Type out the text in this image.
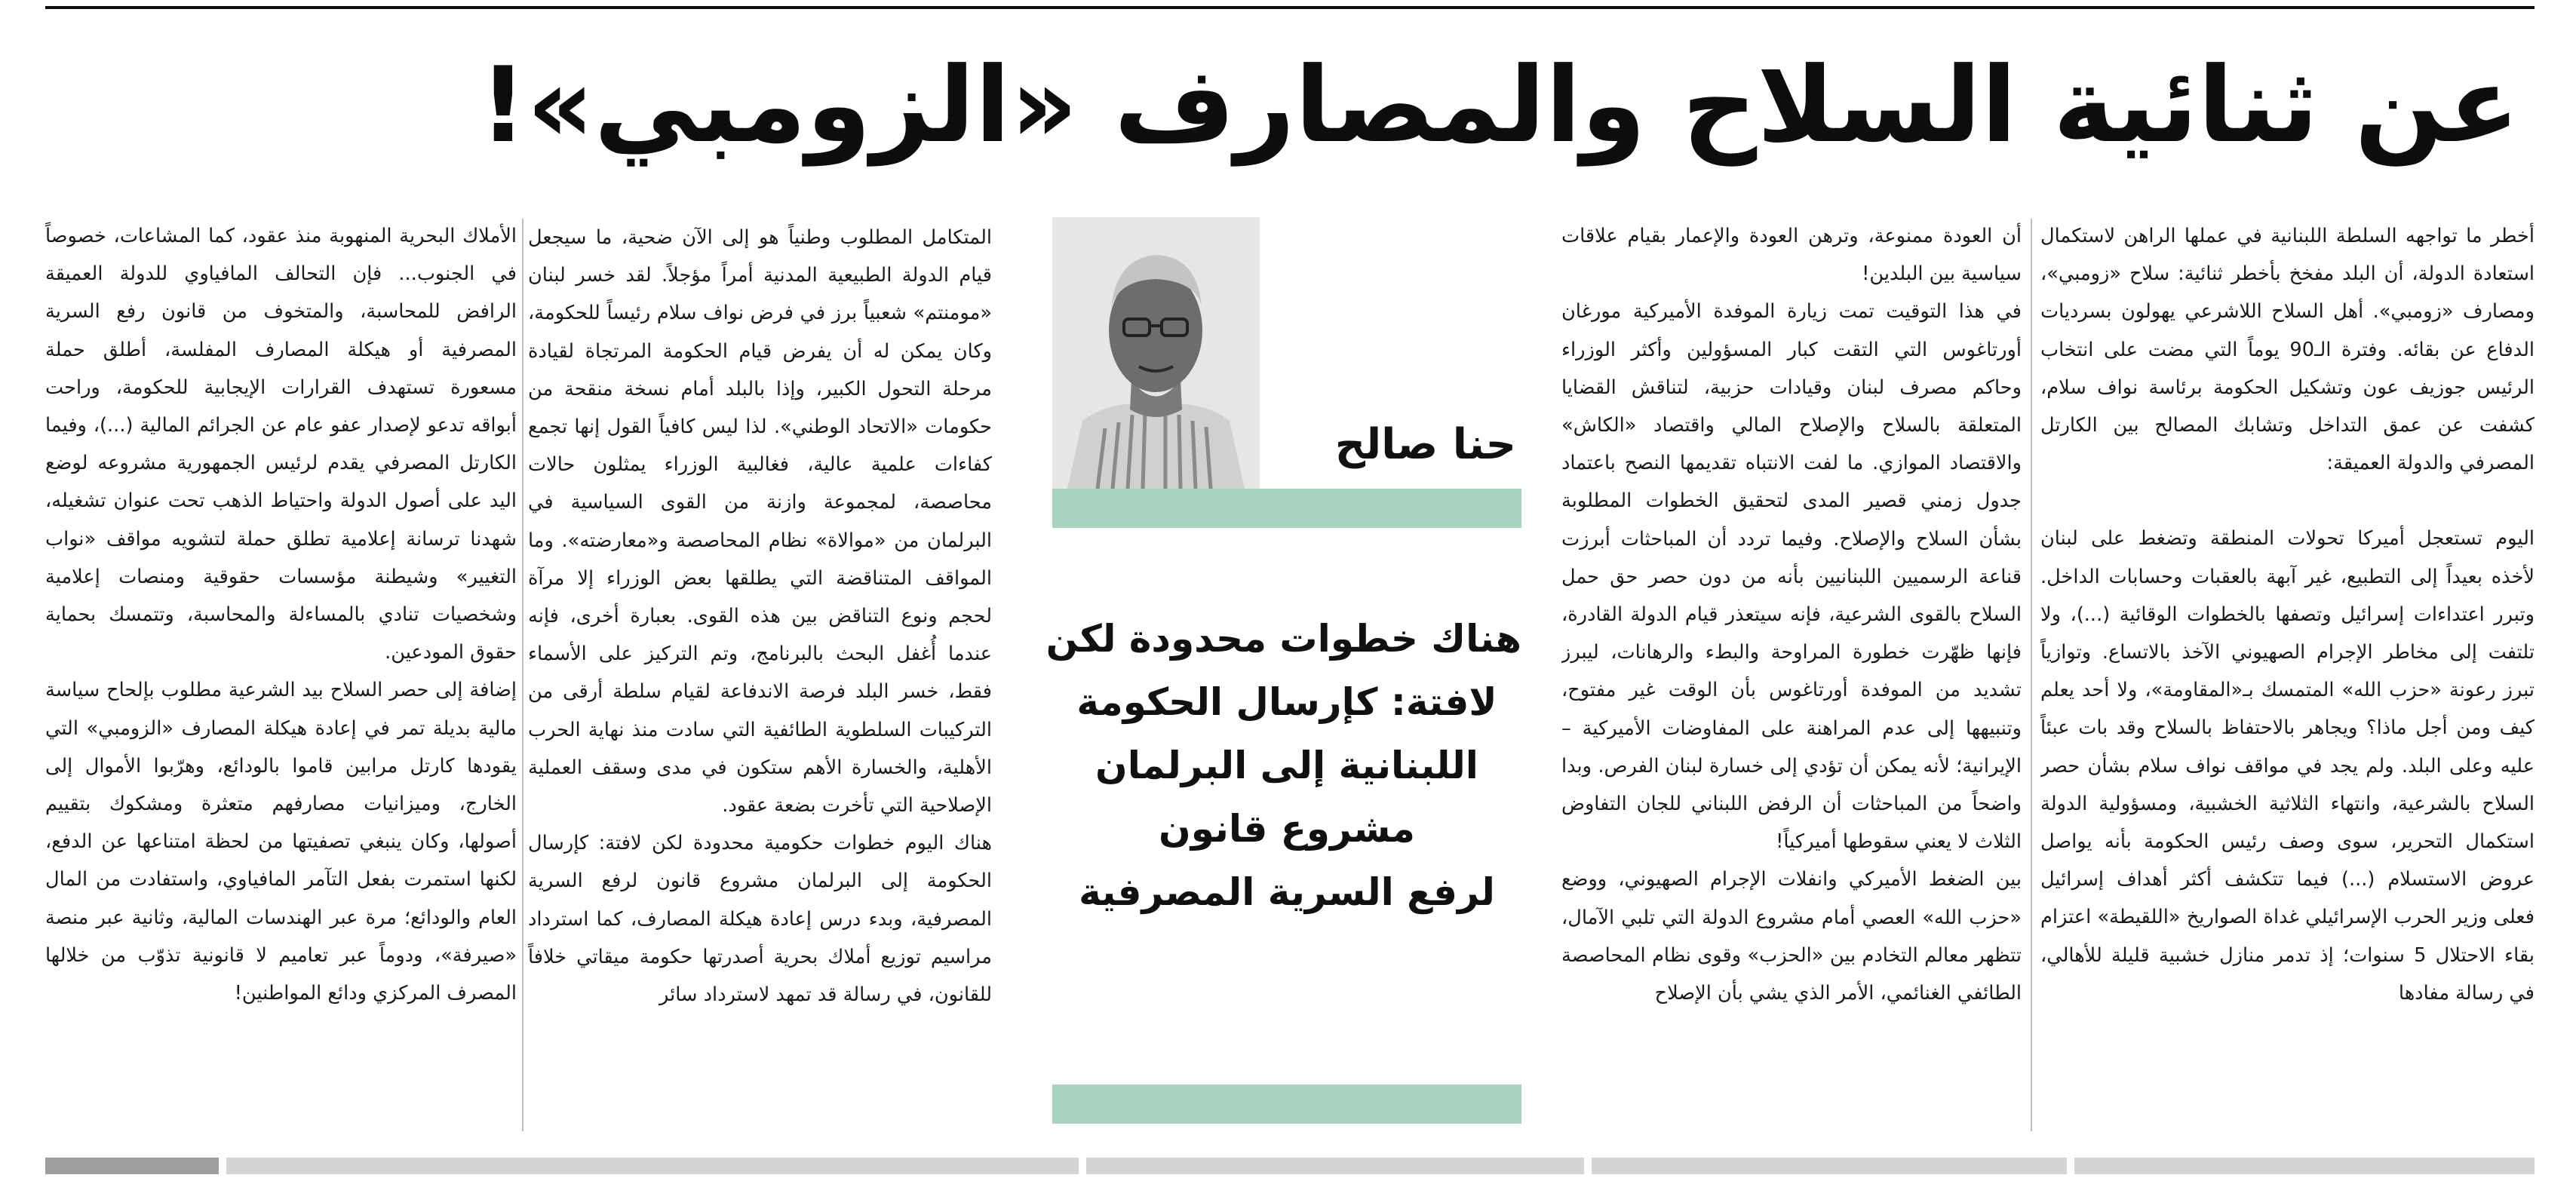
عن ثنائية السلاح والمصارف «الزومبي»!

أخطر ما تواجهه السلطة اللبنانية في عملها الراهن لاستكمال استعادة الدولة، أن البلد مفخخ بأخطر ثنائية: سلاح «زومبي»، ومصارف «زومبي». أهل السلاح اللاشرعي يهولون بسرديات الدفاع عن بقائه. وفترة الـ90 يوماً التي مضت على انتخاب الرئيس جوزيف عون وتشكيل الحكومة برئاسة نواف سلام، كشفت عن عمق التداخل وتشابك المصالح بين الكارتل المصرفي والدولة العميقة:

اليوم تستعجل أميركا تحولات المنطقة وتضغط على لبنان لأخذه بعيداً إلى التطبيع، غير آبهة بالعقبات وحسابات الداخل. وتبرر اعتداءات إسرائيل وتصفها بالخطوات الوقائية (...)، ولا تلتفت إلى مخاطر الإجرام الصهيوني الآخذ بالاتساع. وتوازياً تبرز رعونة «حزب الله» المتمسك بـ«المقاومة»، ولا أحد يعلم كيف ومن أجل ماذا؟ ويجاهر بالاحتفاظ بالسلاح وقد بات عبئاً عليه وعلى البلد. ولم يجد في مواقف نواف سلام بشأن حصر السلاح بالشرعية، وانتهاء الثلاثية الخشبية، ومسؤولية الدولة استكمال التحرير، سوى وصف رئيس الحكومة بأنه يواصل عروض الاستسلام (...) فيما تتكشف أكثر أهداف إسرائيل فعلى وزير الحرب الإسرائيلي غداة الصواريخ «اللقيطة» اعتزام بقاء الاحتلال 5 سنوات؛ إذ تدمر منازل خشبية قليلة للأهالي، في رسالة مفادها

أن العودة ممنوعة، وترهن العودة والإعمار بقيام علاقات سياسية بين البلدين!

في هذا التوقيت تمت زيارة الموفدة الأميركية مورغان أورتاغوس التي التقت كبار المسؤولين وأكثر الوزراء وحاكم مصرف لبنان وقيادات حزبية، لتناقش القضايا المتعلقة بالسلاح والإصلاح المالي واقتصاد «الكاش» والاقتصاد الموازي. ما لفت الانتباه تقديمها النصح باعتماد جدول زمني قصير المدى لتحقيق الخطوات المطلوبة بشأن السلاح والإصلاح. وفيما تردد أن المباحثات أبرزت قناعة الرسميين اللبنانيين بأنه من دون حصر حق حمل السلاح بالقوى الشرعية، فإنه سيتعذر قيام الدولة القادرة، فإنها ظهّرت خطورة المراوحة والبطء والرهانات، ليبرز تشديد من الموفدة أورتاغوس بأن الوقت غير مفتوح، وتنبيهها إلى عدم المراهنة على المفاوضات الأميركية – الإيرانية؛ لأنه يمكن أن تؤدي إلى خسارة لبنان الفرص. وبدا واضحاً من المباحثات أن الرفض اللبناني للجان التفاوض الثلاث لا يعني سقوطها أميركياً!

بين الضغط الأميركي وانفلات الإجرام الصهيوني، ووضع «حزب الله» العصي أمام مشروع الدولة التي تلبي الآمال، تتظهر معالم التخادم بين «الحزب» وقوى نظام المحاصصة الطائفي الغنائمي، الأمر الذي يشي بأن الإصلاح

حنا صالح
هناك خطوات محدودة لكن
لافتة: كإرسال الحكومة
اللبنانية إلى البرلمان
مشروع قانون
لرفع السرية المصرفية

المتكامل المطلوب وطنياً هو إلى الآن ضحية، ما سيجعل قيام الدولة الطبيعية المدنية أمراً مؤجلاً. لقد خسر لبنان «مومنتم» شعبياً برز في فرض نواف سلام رئيساً للحكومة، وكان يمكن له أن يفرض قيام الحكومة المرتجاة لقيادة مرحلة التحول الكبير، وإذا بالبلد أمام نسخة منقحة من حكومات «الاتحاد الوطني». لذا ليس كافياً القول إنها تجمع كفاءات علمية عالية، فغالبية الوزراء يمثلون حالات محاصصة، لمجموعة وازنة من القوى السياسية في البرلمان من «موالاة» نظام المحاصصة و«معارضته». وما المواقف المتناقضة التي يطلقها بعض الوزراء إلا مرآة لحجم ونوع التناقض بين هذه القوى. بعبارة أخرى، فإنه عندما أُغفل البحث بالبرنامج، وتم التركيز على الأسماء فقط، خسر البلد فرصة الاندفاعة لقيام سلطة أرقى من التركيبات السلطوية الطائفية التي سادت منذ نهاية الحرب الأهلية، والخسارة الأهم ستكون في مدى وسقف العملية الإصلاحية التي تأخرت بضعة عقود.

هناك اليوم خطوات حكومية محدودة لكن لافتة: كإرسال الحكومة إلى البرلمان مشروع قانون لرفع السرية المصرفية، وبدء درس إعادة هيكلة المصارف، كما استرداد مراسيم توزيع أملاك بحرية أصدرتها حكومة ميقاتي خلافاً للقانون، في رسالة قد تمهد لاسترداد سائر

الأملاك البحرية المنهوبة منذ عقود، كما المشاعات، خصوصاً في الجنوب... فإن التحالف المافياوي للدولة العميقة الرافض للمحاسبة، والمتخوف من قانون رفع السرية المصرفية أو هيكلة المصارف المفلسة، أطلق حملة مسعورة تستهدف القرارات الإيجابية للحكومة، وراحت أبواقه تدعو لإصدار عفو عام عن الجرائم المالية (...)، وفيما الكارتل المصرفي يقدم لرئيس الجمهورية مشروعه لوضع اليد على أصول الدولة واحتياط الذهب تحت عنوان تشغيله، شهدنا ترسانة إعلامية تطلق حملة لتشويه مواقف «نواب التغيير» وشيطنة مؤسسات حقوقية ومنصات إعلامية وشخصيات تنادي بالمساءلة والمحاسبة، وتتمسك بحماية حقوق المودعين.

إضافة إلى حصر السلاح بيد الشرعية مطلوب بإلحاح سياسة مالية بديلة تمر في إعادة هيكلة المصارف «الزومبي» التي يقودها كارتل مرابين قاموا بالودائع، وهرّبوا الأموال إلى الخارج، وميزانيات مصارفهم متعثرة ومشكوك بتقييم أصولها، وكان ينبغي تصفيتها من لحظة امتناعها عن الدفع، لكنها استمرت بفعل التآمر المافياوي، واستفادت من المال العام والودائع؛ مرة عبر الهندسات المالية، وثانية عبر منصة «صيرفة»، ودوماً عبر تعاميم لا قانونية تذوّب من خلالها المصرف المركزي ودائع المواطنين!
